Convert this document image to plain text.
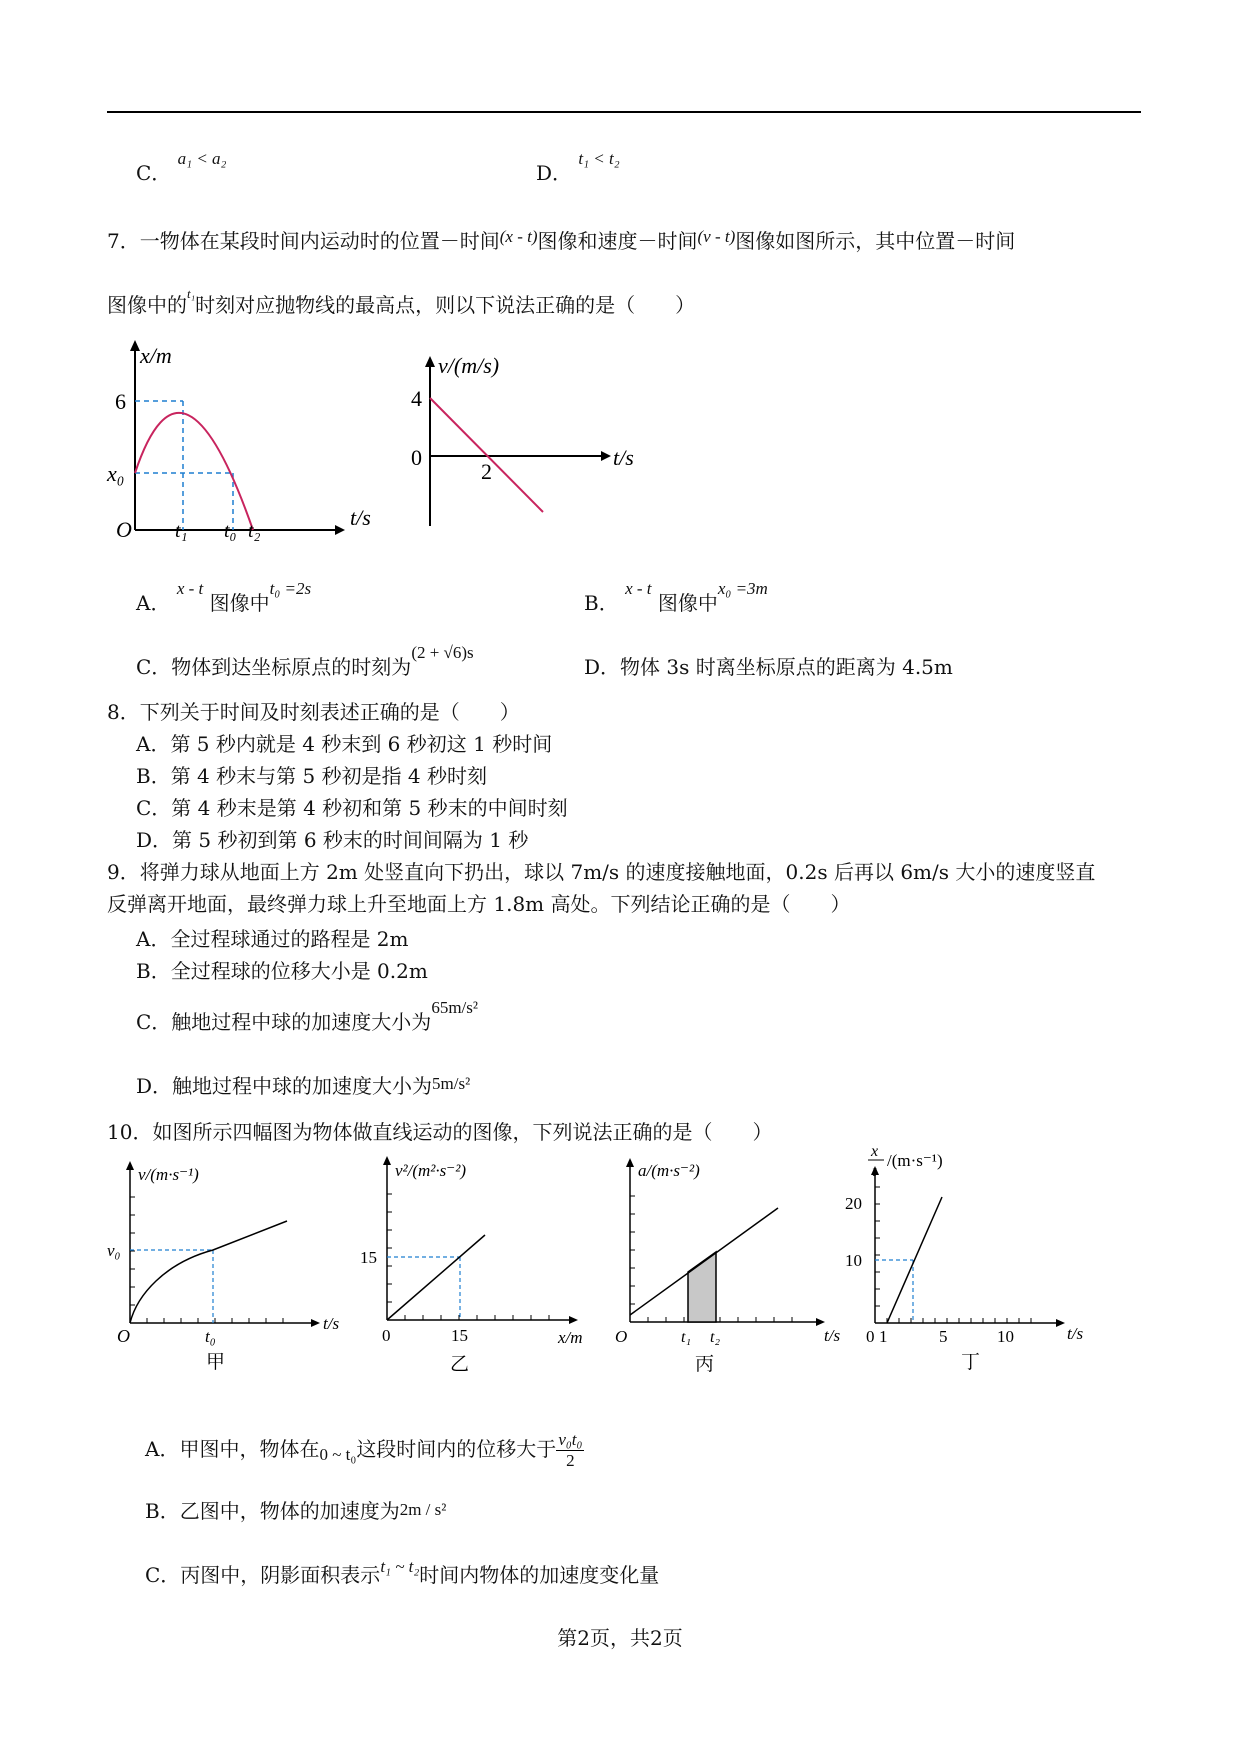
C． $^{a_1 < a_2}$
D． $^{t_1 < t_2}$
7．一物体在某段时间内运动时的位置－时间$^{(x - t)}$图像和速度－时间$^{(v - t)}$图像如图所示，其中位置－时间
图像中的$^{t_1}$时刻对应抛物线的最高点，则以下说法正确的是（　　）
x/m
t/s
6
x₀
O t₁ t₀ t₂
v/(m/s)
t/s
4
0
2
A． $^{x - t}$ 图像中$^{t_0 =2s}$
B． $^{x - t}$ 图像中$^{x_0 =3m}$
C．物体到达坐标原点的时刻为$^{(2 + √6)s}$
D．物体 3s 时离坐标原点的距离为 4.5m
8．下列关于时间及时刻表述正确的是（　　）
A．第 5 秒内就是 4 秒末到 6 秒初这 1 秒时间
B．第 4 秒末与第 5 秒初是指 4 秒时刻
C．第 4 秒末是第 4 秒初和第 5 秒末的中间时刻
D．第 5 秒初到第 6 秒末的时间间隔为 1 秒
9．将弹力球从地面上方 2m 处竖直向下扔出，球以 7m/s 的速度接触地面，0.2s 后再以 6m/s 大小的速度竖直
反弹离开地面，最终弹力球上升至地面上方 1.8m 高处。下列结论正确的是（　　）
A．全过程球通过的路程是 2m
B．全过程球的位移大小是 0.2m
C．触地过程中球的加速度大小为$^{65m/s^2}$
D．触地过程中球的加速度大小为$^{5m/s^2}$
10．如图所示四幅图为物体做直线运动的图像，下列说法正确的是（　　）
v/(m·s⁻¹)
t/s
v₀
O	t₀
甲
v²/(m²·s⁻²)
x/m
15
15
0
乙
a/(m·s⁻²)
t/s
O	t₁ t₂
丙
x
t
/(m·s⁻¹)
t/s
20
10
0 1	5	10
丁
A．甲图中，物体在$_{0 \sim t_0}$这段时间内的位移大于 $\frac{\text{v₀t₀}}{2}$
B．乙图中，物体的加速度为2m / s²
C．丙图中，阴影面积表示$^{t_1 \sim t_2}$时间内物体的加速度变化量
第2页，共2页
